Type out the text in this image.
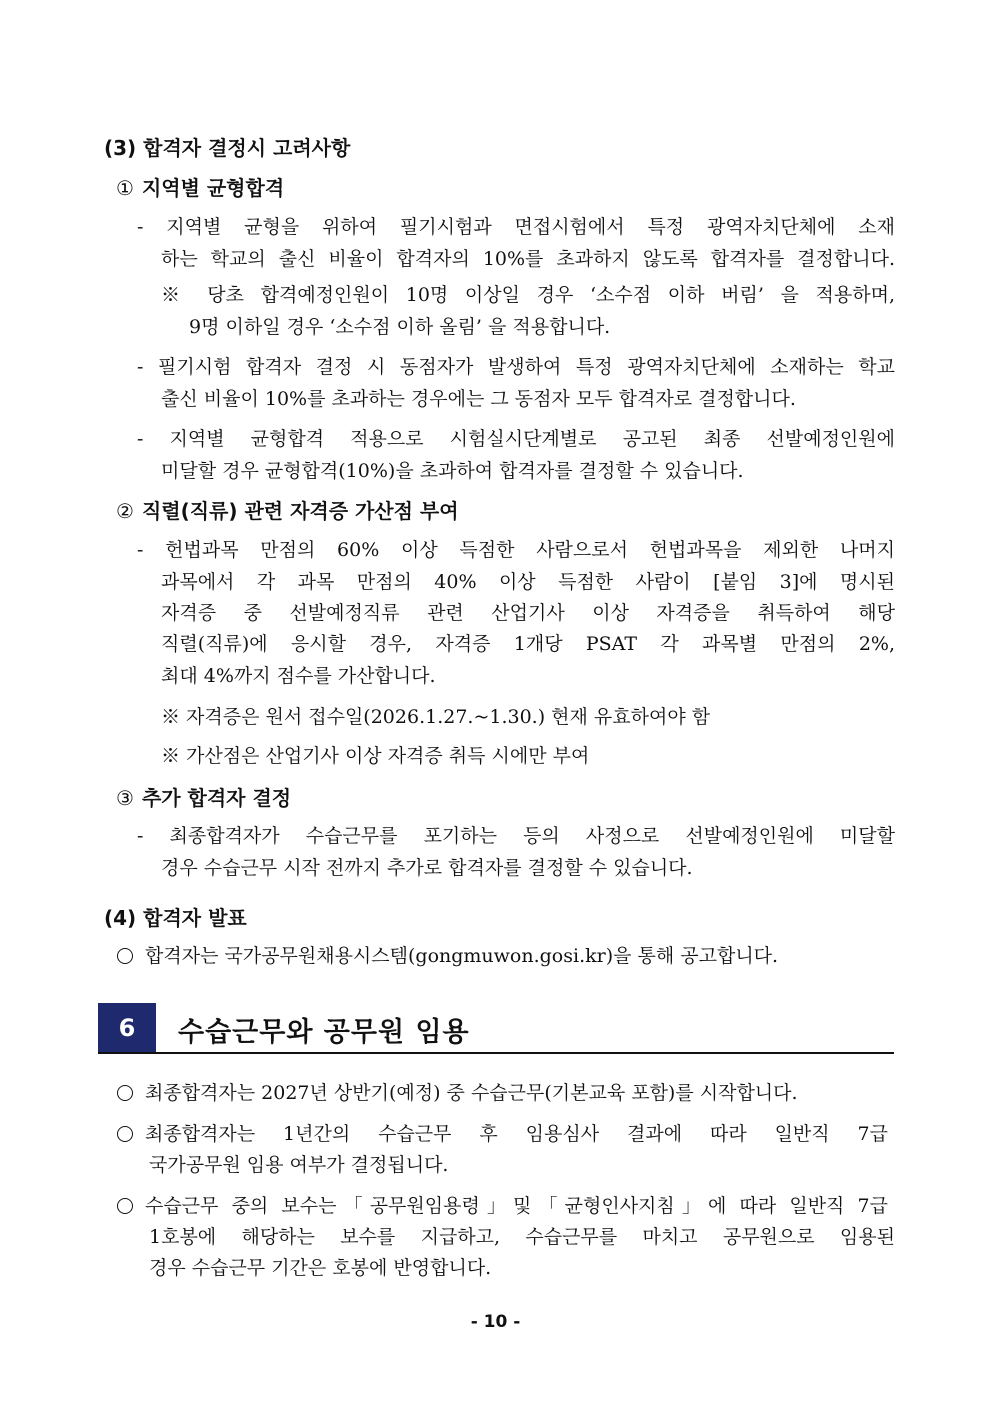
(3) 합격자 결정시 고려사항
① 지역별 균형합격
- 지역별 균형을 위하여 필기시험과 면접시험에서 특정 광역자치단체에 소재
하는 학교의 출신 비율이 합격자의 10%를 초과하지 않도록 합격자를 결정합니다.
※ 당초 합격예정인원이 10명 이상일 경우 ‘소수점 이하 버림’ 을 적용하며,
9명 이하일 경우 ‘소수점 이하 올림’ 을 적용합니다.
- 필기시험 합격자 결정 시 동점자가 발생하여 특정 광역자치단체에 소재하는 학교
출신 비율이 10%를 초과하는 경우에는 그 동점자 모두 합격자로 결정합니다.
- 지역별 균형합격 적용으로 시험실시단계별로 공고된 최종 선발예정인원에
미달할 경우 균형합격(10%)을 초과하여 합격자를 결정할 수 있습니다.
② 직렬(직류) 관련 자격증 가산점 부여
- 헌법과목 만점의 60% 이상 득점한 사람으로서 헌법과목을 제외한 나머지
과목에서 각 과목 만점의 40% 이상 득점한 사람이 [붙임 3]에 명시된
자격증 중 선발예정직류 관련 산업기사 이상 자격증을 취득하여 해당
직렬(직류)에 응시할 경우, 자격증 1개당 PSAT 각 과목별 만점의 2%,
최대 4%까지 점수를 가산합니다.
※ 자격증은 원서 접수일(2026.1.27.~1.30.) 현재 유효하여야 함
※ 가산점은 산업기사 이상 자격증 취득 시에만 부여
③ 추가 합격자 결정
- 최종합격자가 수습근무를 포기하는 등의 사정으로 선발예정인원에 미달할
경우 수습근무 시작 전까지 추가로 합격자를 결정할 수 있습니다.
(4) 합격자 발표
합격자는 국가공무원채용시스템(gongmuwon.gosi.kr)을 통해 공고합니다.
6	수습근무와 공무원 임용
최종합격자는 2027년 상반기(예정) 중 수습근무(기본교육 포함)를 시작합니다.
최종합격자는 1년간의 수습근무 후 임용심사 결과에 따라 일반직 7급
국가공무원 임용 여부가 결정됩니다.
수습근무 중의 보수는「공무원임용령」및「균형인사지침」에 따라 일반직 7급
1호봉에 해당하는 보수를 지급하고, 수습근무를 마치고 공무원으로 임용된
경우 수습근무 기간은 호봉에 반영합니다.
- 10 -
